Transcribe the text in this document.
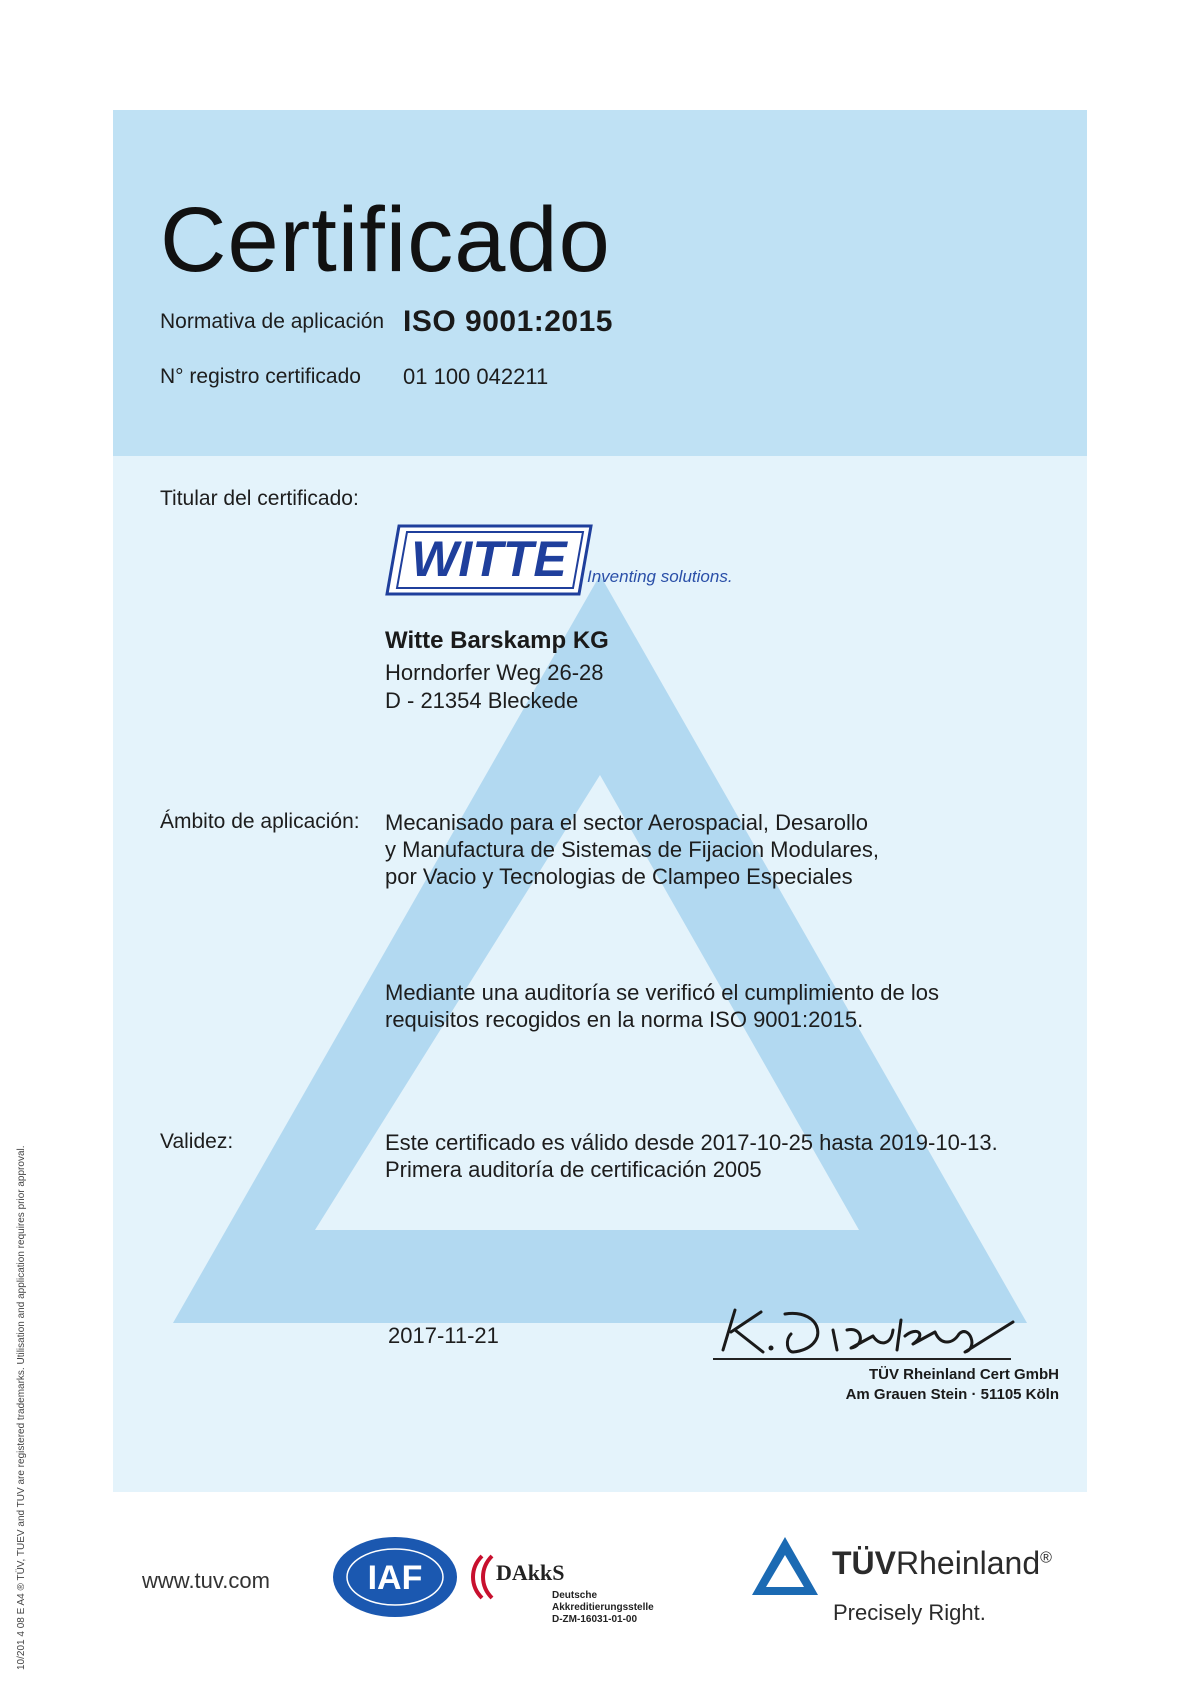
Certificado
Normativa de aplicación ISO 9001:2015
N° registro certificado 01 100 042211
Titular del certificado:
WITTE Inventing solutions.
Witte Barskamp KG
Horndorfer Weg 26-28
D - 21354 Bleckede
Ámbito de aplicación: Mecanisado para el sector Aerospacial, Desarollo
y Manufactura de Sistemas de Fijacion Modulares,
por Vacio y Tecnologias de Clampeo Especiales
Mediante una auditoría se verificó el cumplimiento de los
requisitos recogidos en la norma ISO 9001:2015.
Validez:	Este certificado es válido desde 2017-10-25 hasta 2019-10-13.
Primera auditoría de certificación 2005
2017-11-21
TÜV Rheinland Cert GmbH
Am Grauen Stein · 51105 Köln
10/201 4 08 E A4 ® TÜV, TUEV and TUV are registered trademarks. Utilisation and application requires prior approval.	www.tuv.com	IAF	DAkkS
Deutsche
Akkreditierungsstelle
D-ZM-16031-01-00
TÜVRheinland®
Precisely Right.
